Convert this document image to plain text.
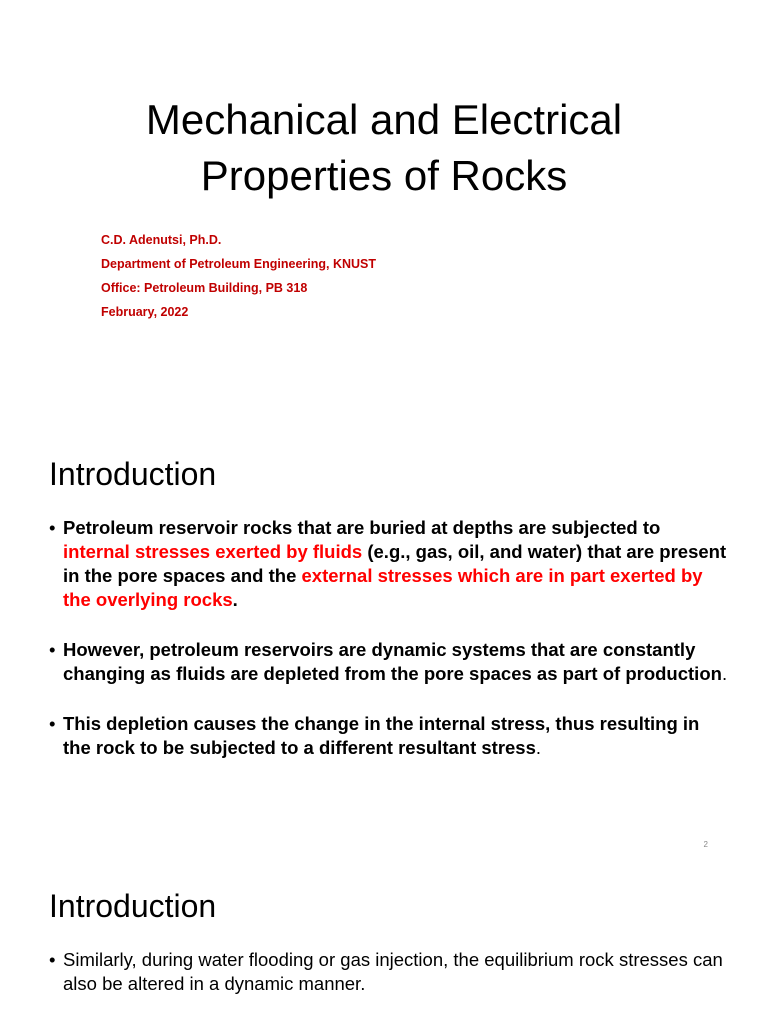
Mechanical and Electrical
Properties of Rocks
C.D. Adenutsi, Ph.D.
Department of Petroleum Engineering, KNUST
Office: Petroleum Building, PB 318
February, 2022
Introduction
• Petroleum reservoir rocks that are buried at depths are subjected to internal stresses exerted by fluids (e.g., gas, oil, and water) that are present in the pore spaces and the external stresses which are in part exerted by the overlying rocks.
• However, petroleum reservoirs are dynamic systems that are constantly changing as fluids are depleted from the pore spaces as part of production.
• This depletion causes the change in the internal stress, thus resulting in the rock to be subjected to a different resultant stress.
2
Introduction
• Similarly, during water flooding or gas injection, the equilibrium rock stresses can also be altered in a dynamic manner.
